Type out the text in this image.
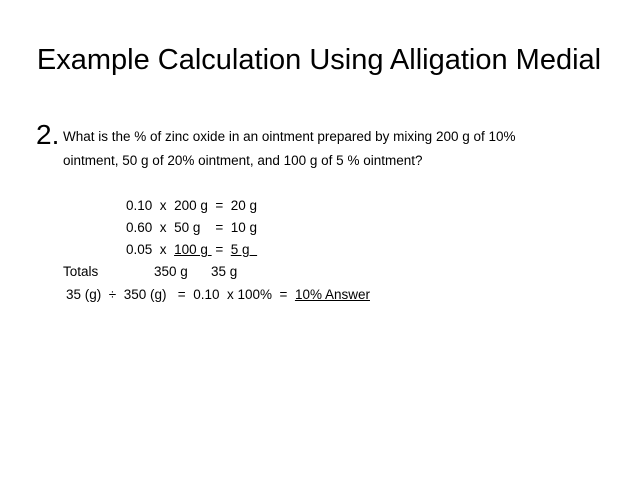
Example Calculation Using Alligation Medial
2. What is the % of zinc oxide in an ointment prepared by mixing 200 g of 10%
ointment, 50 g of 20% ointment, and 100 g of 5 % ointment?
0.10 x 200 g = 20 g
0.60 x 50 g = 10 g
0.05 x 100 g = 5 g
Totals	350 g 35 g
35 (g) ÷ 350 (g) = 0.10 x 100% = 10% Answer
